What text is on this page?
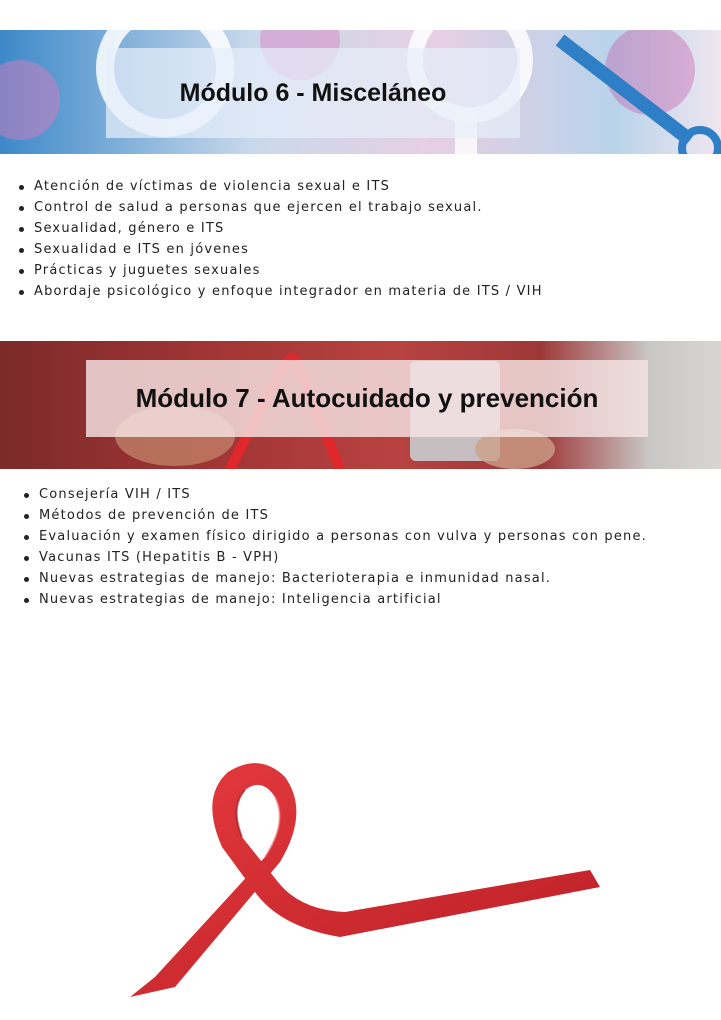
Módulo 6 - Misceláneo
Atención de víctimas de violencia sexual e ITS
Control de salud a personas que ejercen el trabajo sexual.
Sexualidad, género e ITS
Sexualidad e ITS en jóvenes
Prácticas y juguetes sexuales
Abordaje psicológico y enfoque integrador en materia de ITS / VIH
Módulo 7 - Autocuidado y prevención
Consejería VIH / ITS
Métodos de prevención de ITS
Evaluación y examen físico dirigido a personas con vulva y personas con pene.
Vacunas ITS (Hepatitis B - VPH)
Nuevas estrategias de manejo: Bacterioterapia e inmunidad nasal.
Nuevas estrategias de manejo: Inteligencia artificial
